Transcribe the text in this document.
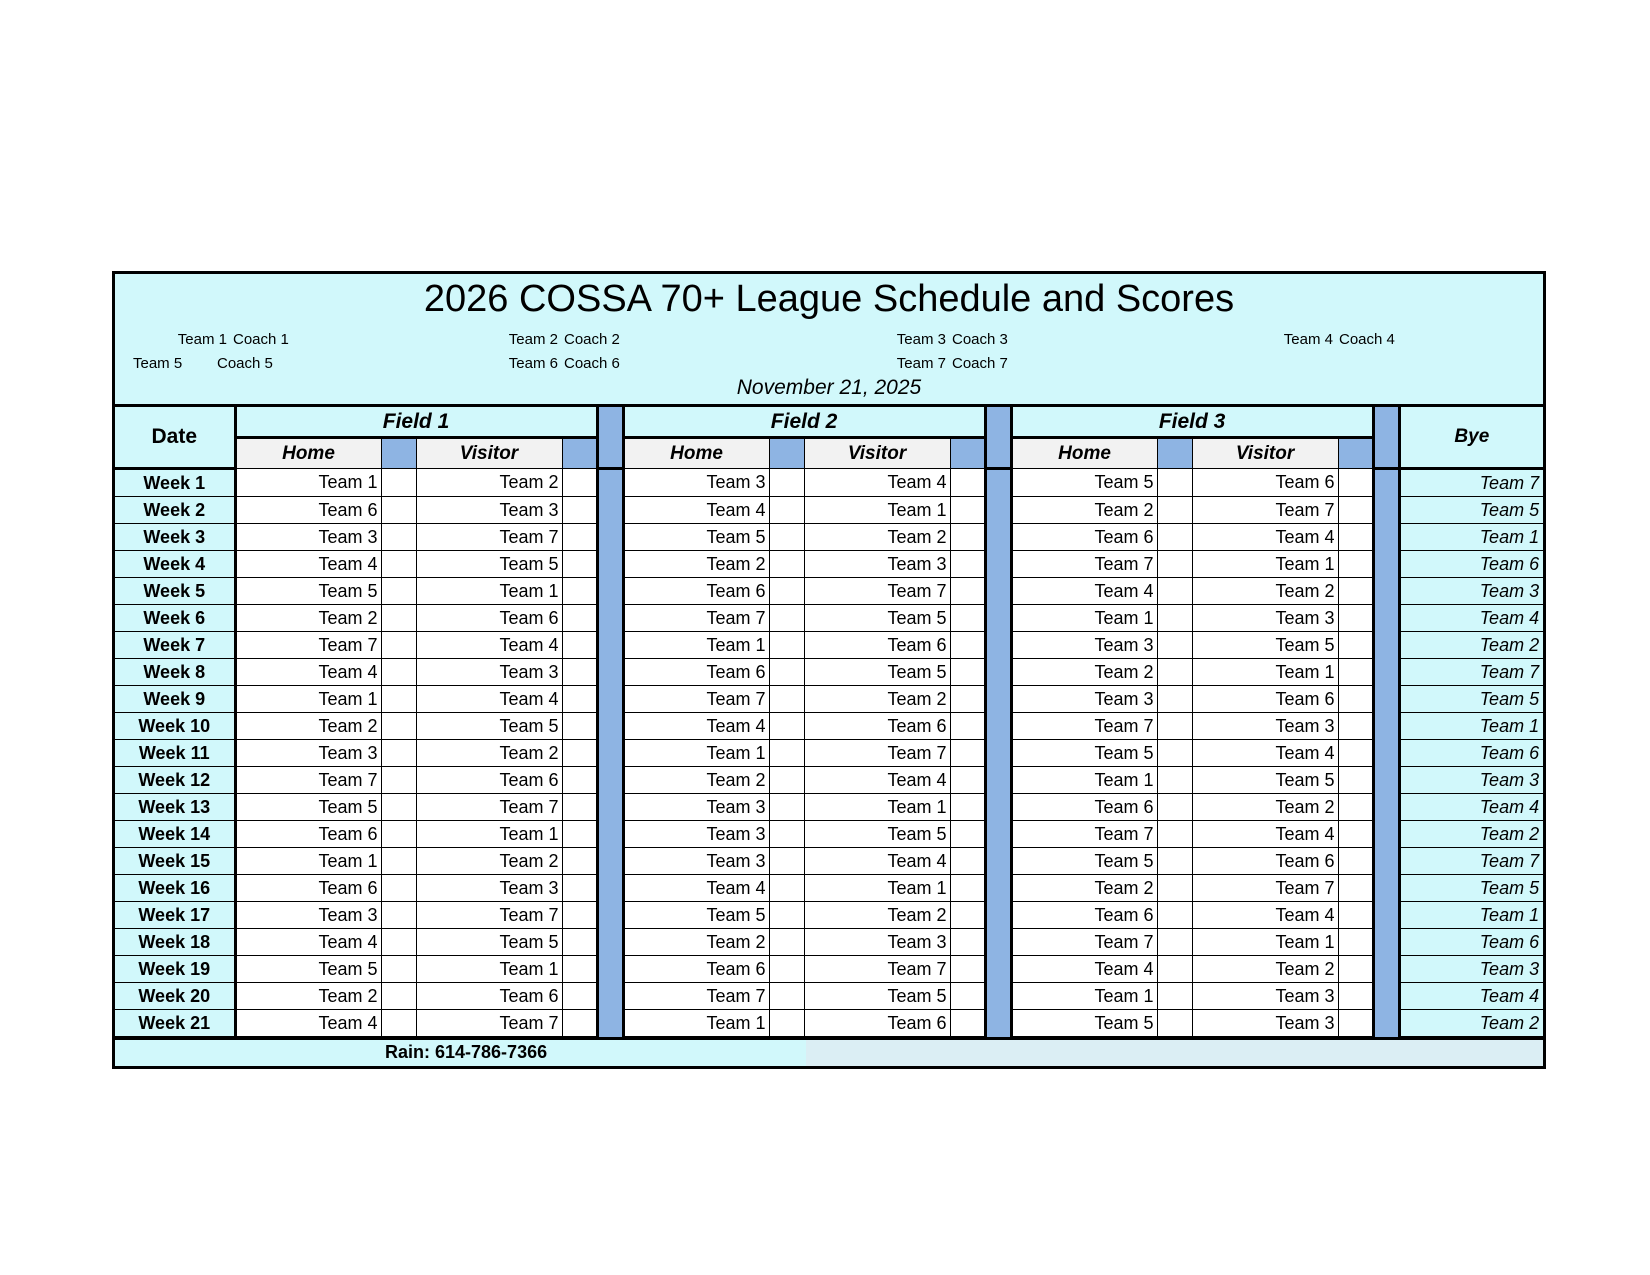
2026 COSSA 70+ League Schedule and Scores
Team 1 Coach 1	Team 2 Coach 2	Team 3 Coach 3	Team 4 Coach 4
Team 5 Coach 5	Team 6 Coach 6	Team 7 Coach 7
November 21, 2025
Date	Field 1					Field 2					Field 3					Bye
	Home		Visitor			Home		Visitor			Home		Visitor			
Week 1	Team 1		Team 2			Team 3		Team 4			Team 5		Team 6			Team 7
Week 2	Team 6		Team 3			Team 4		Team 1			Team 2		Team 7			Team 5
Week 3	Team 3		Team 7			Team 5		Team 2			Team 6		Team 4			Team 1
Week 4	Team 4		Team 5			Team 2		Team 3			Team 7		Team 1			Team 6
Week 5	Team 5		Team 1			Team 6		Team 7			Team 4		Team 2			Team 3
Week 6	Team 2		Team 6			Team 7		Team 5			Team 1		Team 3			Team 4
Week 7	Team 7		Team 4			Team 1		Team 6			Team 3		Team 5			Team 2
Week 8	Team 4		Team 3			Team 6		Team 5			Team 2		Team 1			Team 7
Week 9	Team 1		Team 4			Team 7		Team 2			Team 3		Team 6			Team 5
Week 10	Team 2		Team 5			Team 4		Team 6			Team 7		Team 3			Team 1
Week 11	Team 3		Team 2			Team 1		Team 7			Team 5		Team 4			Team 6
Week 12	Team 7		Team 6			Team 2		Team 4			Team 1		Team 5			Team 3
Week 13	Team 5		Team 7			Team 3		Team 1			Team 6		Team 2			Team 4
Week 14	Team 6		Team 1			Team 3		Team 5			Team 7		Team 4			Team 2
Week 15	Team 1		Team 2			Team 3		Team 4			Team 5		Team 6			Team 7
Week 16	Team 6		Team 3			Team 4		Team 1			Team 2		Team 7			Team 5
Week 17	Team 3		Team 7			Team 5		Team 2			Team 6		Team 4			Team 1
Week 18	Team 4		Team 5			Team 2		Team 3			Team 7		Team 1			Team 6
Week 19	Team 5		Team 1			Team 6		Team 7			Team 4		Team 2			Team 3
Week 20	Team 2		Team 6			Team 7		Team 5			Team 1		Team 3			Team 4
Week 21	Team 4		Team 7			Team 1		Team 6			Team 5		Team 3			Team 2
Rain: 614-786-7366
